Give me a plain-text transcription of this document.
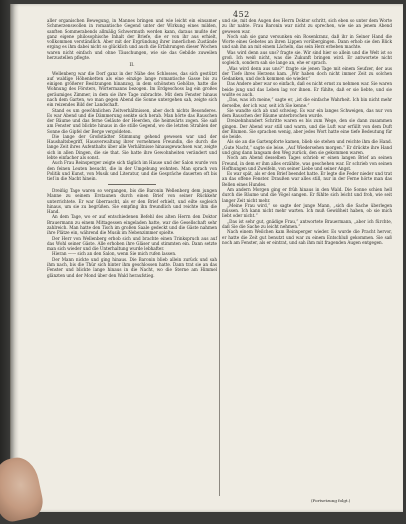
452

aller organischen Bewegung, in Mannes bringen und wie leicht ein einsamer Schmerzenswollen in romantische Gegend unter der Wirkung eines milden, sanften Sommerabends allmälig Schwermuth werden kann, daraus mußte der ganz eigene philosophische Inhalt der Briefe, die er von ihr aus erhielt, vollkommen verständlich. Aber mit der Ergründung ihrer innerlichen Zustände erging es ihm dabei nicht so glücklich und auch die Erfahrungen dieser Wochen waren nicht einfach und ohne Täuschungen, wie sie das Gebilde zuweilen herzustellen pflegte.

II.

Wellenberg war die Dorf ganz in der Nähe des Schlosses, das sich gestützt auf waldige Höhenketten als eine einzige lange romantische Gasse bis zu einigen größerer Besitzungen hinanzog, in dem schönsten Gehölze, hatte die Wohnung des Försters, Wörtermanns bezogen. Im Erdgeschoss lag ein großes geräumiges Zimmer, in dem sie ihre Tage zubrachte. Mit dem Fenster hinaus nach dem Garten, wo man gegen Abend die Sonne untergehen sah, zeigte sich ein reizendes Bild der Landschaft.

Stand es um gewöhnlichen Zeitverhältnissen, aber doch nichts Besonderes. Es war Abend und die Dämmerung senkte sich herab. Man hörte das Rauschen der Bäume und das ferne Geläute der Heerden, die heimwärts zogen. Sie saß am Fenster und blickte hinaus in die stille Gegend, wo die letzten Strahlen der Sonne die Gipfel der Berge vergoldeten.

Die lange der Großstädter Stimmung gehend gewesen war und der Haushaltsbegriff, Hausverwaltung ihrer vornehmen Freundin, die durch die lange Zeit ihres Aufenthalts über alle Verhältnisse hinausgewachsen war, zeigte sich in allen Dingen, die sie that. Sie hatte ihre Gewohnheiten verändert und lebte einfacher als sonst.

Auch Frau Reinsperger zeigte sich täglich im Hause und der Salon wurde von den feinen Leuten besucht, die in der Umgebung wohnten. Man sprach von Politik und Kunst, von Musik und Literatur, und die Gespräche dauerten oft bis tief in die Nacht hinein.

Dreißig Tage waren so vergangen, bis die Baronin Wellenberg dem jungen Manne zu seinem Erstaunen durch einen Brief von seiner Rückkehr unterrichtete. Er war überrascht, als er den Brief erhielt, und eilte sogleich hinaus, um sie zu begrüßen. Sie empfing ihn freundlich und reichte ihm die Hand.

An dem Tage, wo er auf entschiedenen Befehl des alten Herrn den Doktor Brauermann zu einem Mittagessen eingeladen hatte, war die Gesellschaft sehr zahlreich. Man hatte den Tisch im großen Saale gedeckt und die Gäste nahmen ihre Plätze ein, während die Musik im Nebenzimmer spielte.

Der Herr von Wellenberg erhob sich und brachte einen Trinkspruch aus auf das Wohl seiner Gäste. Alle erhoben ihre Gläser und stimmten ein. Dann setzte man sich wieder und die Unterhaltung wurde lebhafter.

Hieran —— sich an den Salon, wenn Sie mich rufen lassen.

Der Mann nickte und ging hinaus. Die Baronin blieb allein zurück und sah ihm nach, bis die Thür sich hinter ihm geschlossen hatte. Dann trat sie an das Fenster und blickte lange hinaus in die Nacht, wo die Sterne am Himmel glänzten und der Mond über den Wald heraufstieg.

und sie, mit den Augen des Herrn Doktor schritt, sich eben so unter dem Worte zu ihr nahte. Frau Baronin war nicht zu sprechen, wie sie an jenem Abend gewesen war.

Noch sah sie ganz versunken ein Rosenkranz, daß ihr in Seiner Hand die Worte eines Gebetes an ihren Lippen vorübergingen. Dann erhob sie den Blick und sah ihn an mit einem Lächeln, das sein Herz erbeben machte.

Was wird denn aus uns? fragte sie. Wir sind hier so allein und die Welt ist so groß. Ich weiß nicht, was die Zukunft bringen wird. Er antwortete nicht sogleich, sondern sah sie lange an, ehe er sprach.

„Was wird denn aus uns?“ fragte sie jenen Tage mit einem Seufzer, der aus der Tiefe ihres Herzens kam. „Wir haben doch nicht immer Zeit zu solchen Gedanken, und doch kommen sie wieder.“

Das Andere aber war so einfach, daß es nicht ernst zu nehmen war. Sie waren beide jung und das Leben lag vor ihnen. Er fühlte, daß er sie liebte, und sie wußte es auch.

„Das, was ich meine,“ sagte er, „ist die einfache Wahrheit. Ich bin nicht mehr derselbe, der ich war, seit ich Sie kenne.“

Sie wandte sich ab und schwieg. Es war ein langes Schweigen, das nur von dem Rauschen der Bäume unterbrochen wurde.

Dreizehnhundert Schritte waren es bis zum Wege, den sie dann zusammen gingen. Der Abend war still und warm, und die Luft war erfüllt von dem Duft der Blumen. Sie sprachen wenig, aber jedes Wort hatte eine tiefe Bedeutung für sie beide.

Als sie an die Gartenpforte kamen, blieb sie stehen und reichte ihm die Hand. „Gute Nacht,“ sagte sie leise. „Auf Wiedersehen morgen.“ Er drückte ihre Hand und ging dann langsam den Weg zurück, den sie gekommen waren.

Noch am Abend desselben Tages schrieb er einen langen Brief an seinen Freund, in dem er ihm alles erzählte, was geschehen war. Er schrieb von seinen Hoffnungen und Zweifeln, von seiner Liebe und seiner Angst.

Es war spät, als er den Brief beendet hatte. Er legte die Feder nieder und trat an das offene Fenster. Draußen war alles still, nur in der Ferne hörte man das Bellen eines Hundes.

Am andern Morgen ging er früh hinaus in den Wald. Die Sonne schien hell durch die Bäume und die Vögel sangen. Er fühlte sich leicht und froh, wie seit langer Zeit nicht mehr.

„Meine Frau wird,“ so sagte der junge Mann, „sich die Sache überlegen müssen. Ich kann nicht mehr warten. Ich muß Gewißheit haben, ob sie mich liebt oder nicht.“

„Das ist sehr gut, gnädige Frau,“ antwortete Brauermann, „aber ich fürchte, daß Sie die Sache zu leicht nehmen.“

Nach einem Weilchen kam Reinsperger wieder. Es wurde die Pracht hervor, er hatte die Zeit gut benutzt und war zu einem Entschluß gekommen. Sie saß noch am Fenster, als er eintrat, und sah ihm mit fragenden Augen entgegen.

(Fortsetzung folgt.)
